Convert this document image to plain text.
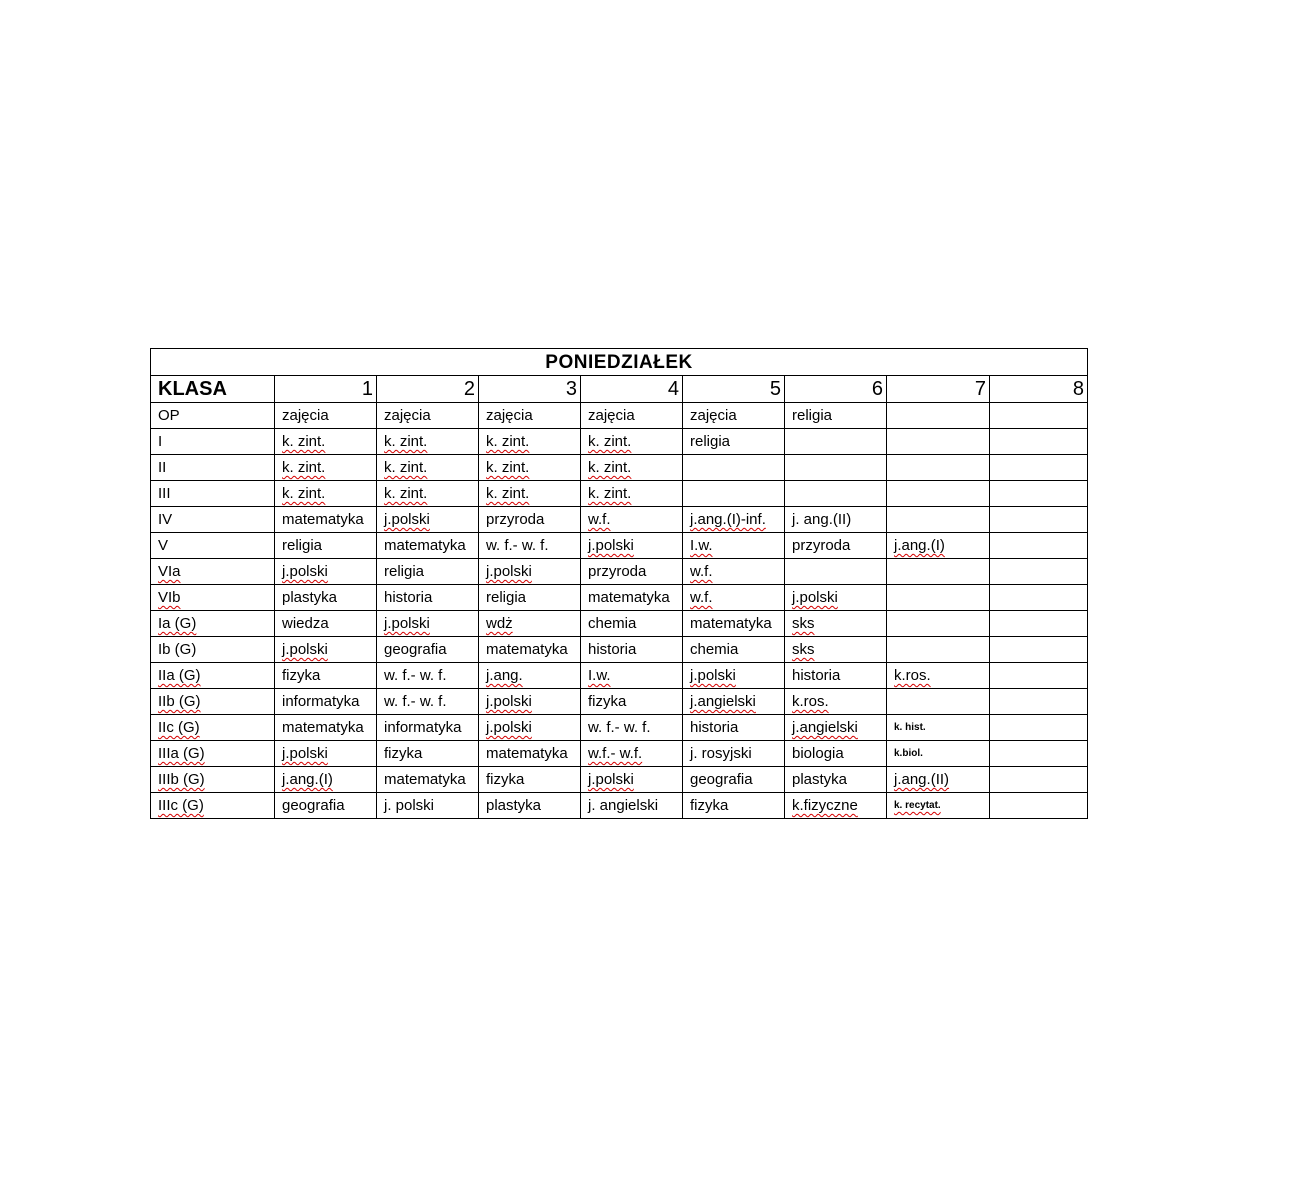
PONIEDZIAŁEK								
KLASA	1	2	3	4	5	6	7	8
OP	zajęcia	zajęcia	zajęcia	zajęcia	zajęcia	religia		
I	k. zint.	k. zint.	k. zint.	k. zint.	religia			
II	k. zint.	k. zint.	k. zint.	k. zint.				
III	k. zint.	k. zint.	k. zint.	k. zint.				
IV	matematyka	j.polski	przyroda	w.f.	j.ang.(I)-inf.	j. ang.(II)		
V	religia	matematyka	w. f.- w. f.	j.polski	I.w.	przyroda	j.ang.(I)	
VIa	j.polski	religia	j.polski	przyroda	w.f.			
VIb	plastyka	historia	religia	matematyka	w.f.	j.polski		
Ia (G)	wiedza	j.polski	wdż	chemia	matematyka	sks		
Ib (G)	j.polski	geografia	matematyka	historia	chemia	sks		
IIa (G)	fizyka	w. f.- w. f.	j.ang.	I.w.	j.polski	historia	k.ros.	
IIb (G)	informatyka	w. f.- w. f.	j.polski	fizyka	j.angielski	k.ros.		
IIc (G)	matematyka	informatyka	j.polski	w. f.- w. f.	historia	j.angielski	k. hist.	
IIIa (G)	j.polski	fizyka	matematyka	w.f.- w.f.	j. rosyjski	biologia	k.biol.	
IIIb (G)	j.ang.(I)	matematyka	fizyka	j.polski	geografia	plastyka	j.ang.(II)	
IIIc (G)	geografia	j. polski	plastyka	j. angielski	fizyka	k.fizyczne	k. recytat.	
